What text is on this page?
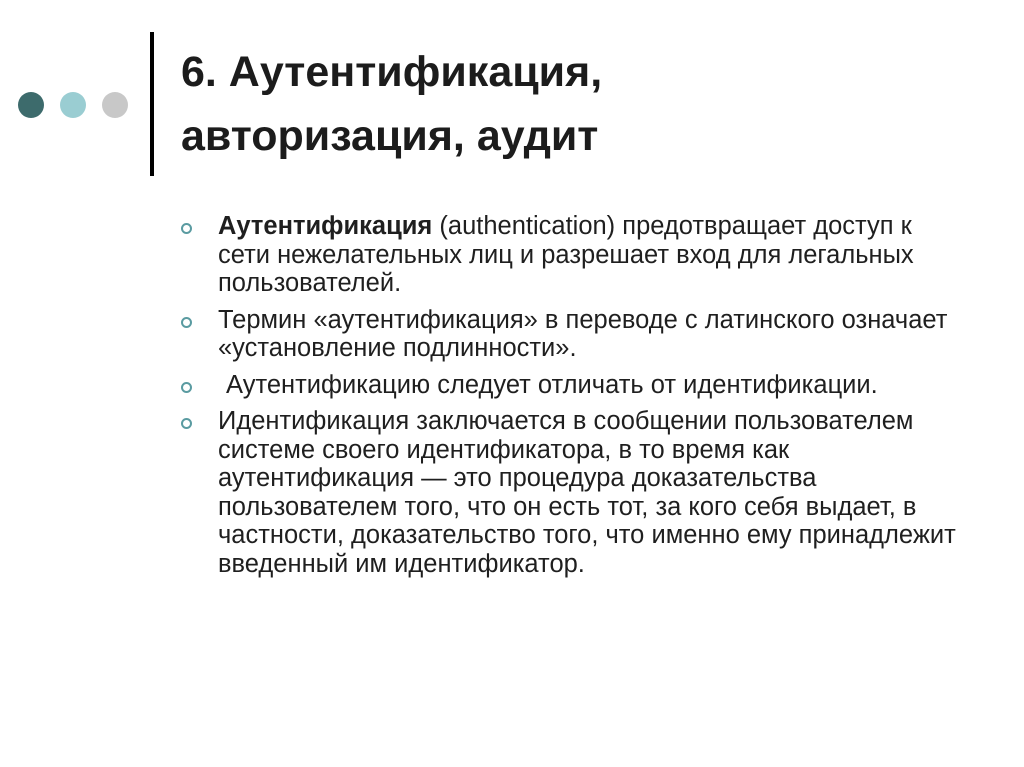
6. Аутентификация,
авторизация, аудит
Аутентификация (authentication) предотвращает доступ к сети нежелательных лиц и разрешает вход для легальных пользователей.
Термин «аутентификация» в переводе с латинского означает «установление подлинности».
Аутентификацию следует отличать от идентификации.
Идентификация заключается в сообщении пользователем системе своего идентификатора, в то время как аутентификация — это процедура доказательства пользователем того, что он есть тот, за кого себя выдает, в частности, доказательство того, что именно ему принадлежит введенный им идентификатор.
